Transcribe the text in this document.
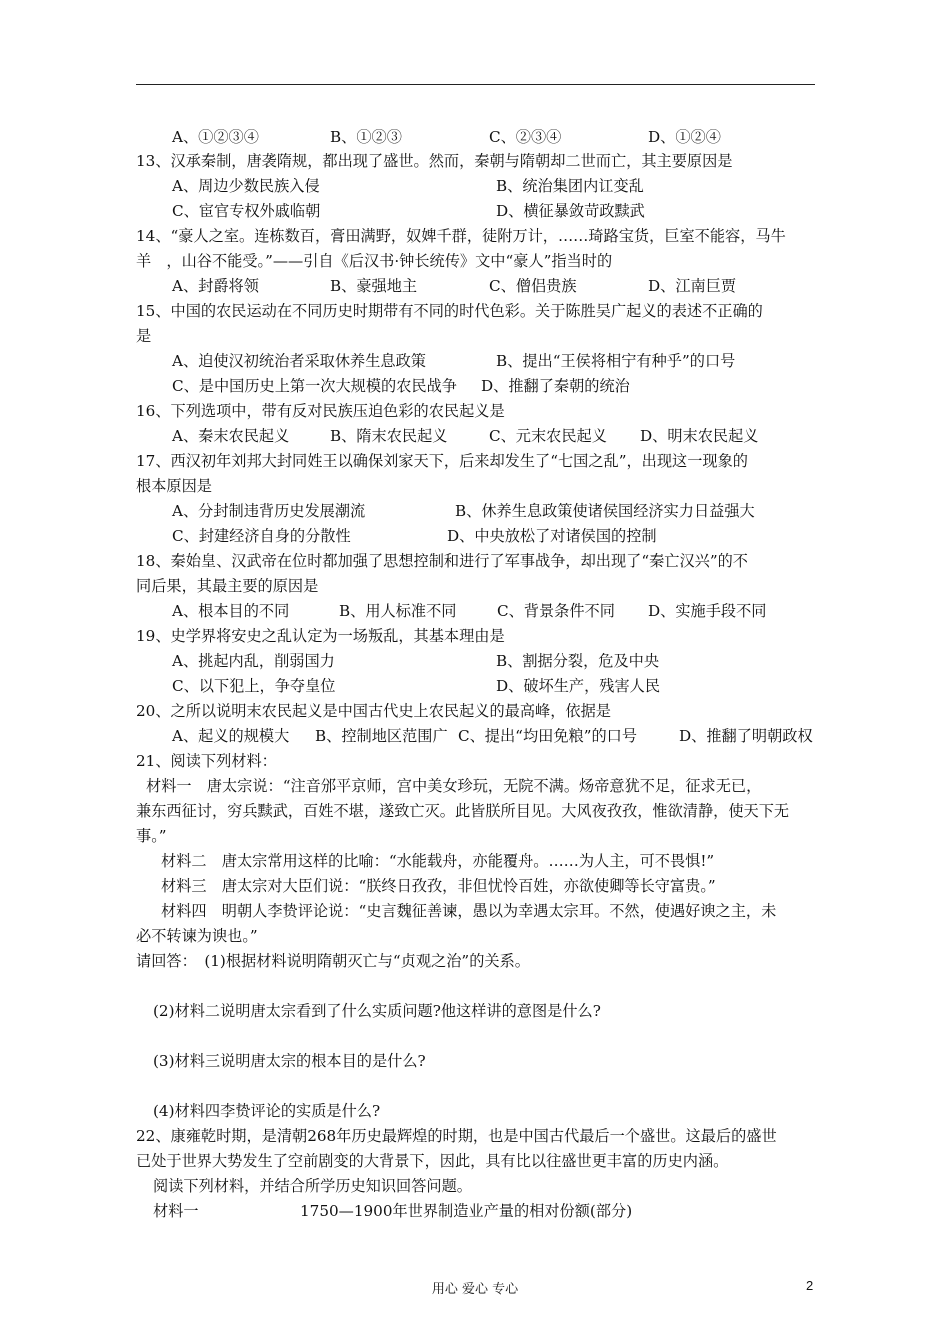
A、①②③④	B、①②③	C、②③④	D、①②④
13、汉承秦制，唐袭隋规，都出现了盛世。然而，秦朝与隋朝却二世而亡，其主要原因是
A、周边少数民族入侵	B、统治集团内讧变乱
C、宦官专权外戚临朝	D、横征暴敛苛政黩武
14、“豪人之室。连栋数百，膏田满野，奴婢千群，徒附万计，……琦路宝货，巨室不能容，马牛
羊　，山谷不能受。”——引自《后汉书·钟长统传》文中“豪人”指当时的
A、封爵将领	B、豪强地主	C、僧侣贵族	D、江南巨贾
15、中国的农民运动在不同历史时期带有不同的时代色彩。关于陈胜吴广起义的表述不正确的
是
A、迫使汉初统治者采取休养生息政策	B、提出“王侯将相宁有种乎”的口号
C、是中国历史上第一次大规模的农民战争 D、推翻了秦朝的统治
16、下列选项中，带有反对民族压迫色彩的农民起义是
A、秦末农民起义	B、隋末农民起义	C、元末农民起义 D、明末农民起义
17、西汉初年刘邦大封同姓王以确保刘家天下，后来却发生了“七国之乱”，出现这一现象的
根本原因是
A、分封制违背历史发展潮流	B、休养生息政策使诸侯国经济实力日益强大
C、封建经济自身的分散性	D、中央放松了对诸侯国的控制
18、秦始皇、汉武帝在位时都加强了思想控制和进行了军事战争，却出现了“秦亡汉兴”的不
同后果，其最主要的原因是
A、根本目的不同	B、用人标准不同	C、背景条件不同 D、实施手段不同
19、史学界将安史之乱认定为一场叛乱，其基本理由是
A、挑起内乱，削弱国力	B、割据分裂，危及中央
C、以下犯上，争夺皇位	D、破坏生产，残害人民
20、之所以说明末农民起义是中国古代史上农民起义的最高峰，依据是
A、起义的规模大 B、控制地区范围广 C、提出“均田免粮”的口号	D、推翻了明朝政权
21、阅读下列材料：
材料一　唐太宗说：“注音邠平京师，宫中美女珍玩，无院不满。炀帝意犹不足，征求无已，
兼东西征讨，穷兵黩武，百姓不堪，遂致亡灭。此皆朕所目见。大风夜孜孜，惟欲清静，使天下无
事。”
材料二　唐太宗常用这样的比喻：“水能载舟，亦能覆舟。……为人主，可不畏惧!”
材料三　唐太宗对大臣们说：“朕终日孜孜，非但忧怜百姓，亦欲使卿等长守富贵。”
材料四　明朝人李贽评论说：“史言魏征善谏，愚以为幸遇太宗耳。不然，使遇好谀之主，未
必不转谏为谀也。”
请回答：　(1)根据材料说明隋朝灭亡与“贞观之治”的关系。
(2)材料二说明唐太宗看到了什么实质问题?他这样讲的意图是什么?
(3)材料三说明唐太宗的根本目的是什么?
(4)材料四李贽评论的实质是什么?
22、康雍乾时期，是清朝268年历史最辉煌的时期，也是中国古代最后一个盛世。这最后的盛世
已处于世界大势发生了空前剧变的大背景下，因此，具有比以往盛世更丰富的历史内涵。
阅读下列材料，并结合所学历史知识回答问题。
材料一	1750—1900年世界制造业产量的相对份额(部分)
用心 爱心 专心	2
